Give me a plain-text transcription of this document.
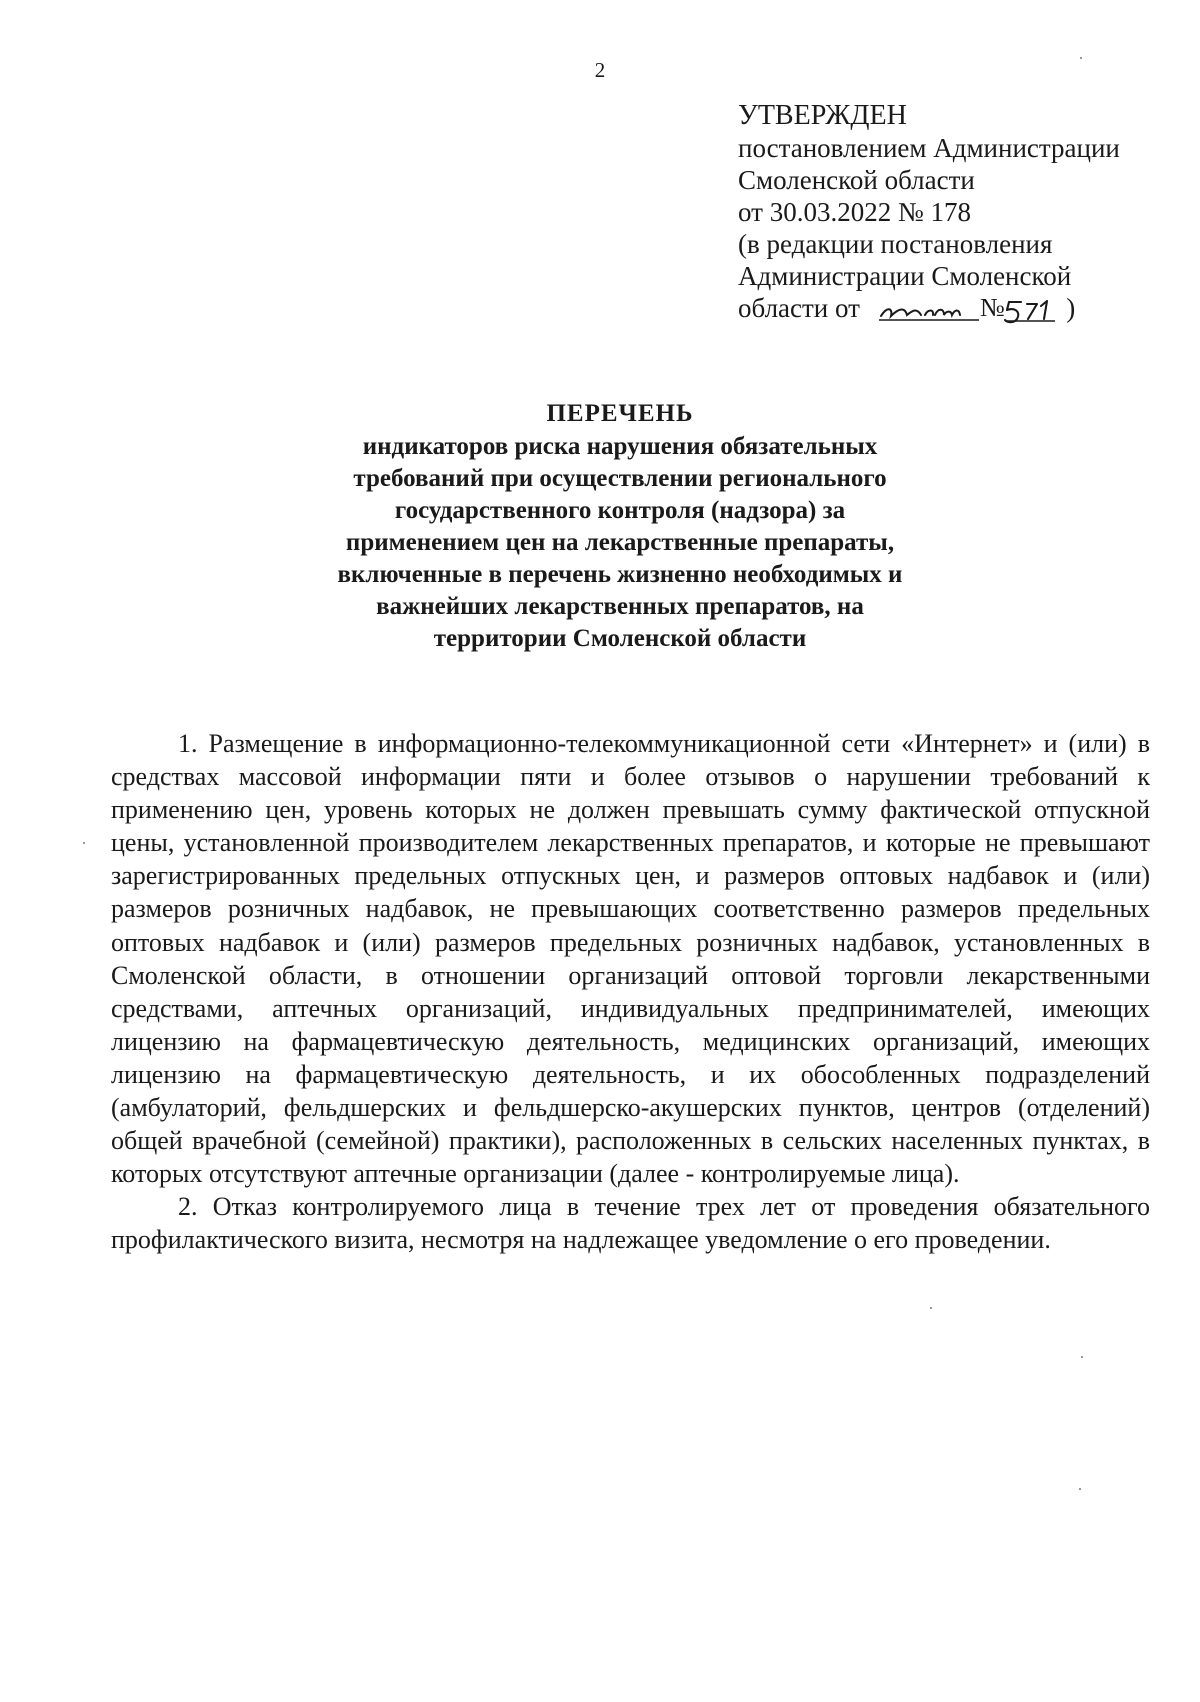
2
УТВЕРЖДЕН
постановлением Администрации
Смоленской области
от 30.03.2022 № 178
(в редакции постановления
Администрации Смоленской
области от	№ )
ПЕРЕЧЕНЬ
индикаторов риска нарушения обязательных
требований при осуществлении регионального
государственного контроля (надзора) за
применением цен на лекарственные препараты,
включенные в перечень жизненно необходимых и
важнейших лекарственных препаратов, на
территории Смоленской области

1. Размещение в информационно-телекоммуникационной сети «Интернет» и (или) в средствах массовой информации пяти и более отзывов о нарушении требований к применению цен, уровень которых не должен превышать сумму фактической отпускной цены, установленной производителем лекарственных препаратов, и которые не превышают зарегистрированных предельных отпускных цен, и размеров оптовых надбавок и (или) размеров розничных надбавок, не превышающих соответственно размеров предельных оптовых надбавок и (или) размеров предельных розничных надбавок, установленных в Смоленской области, в отношении организаций оптовой торговли лекарственными средствами, аптечных организаций, индивидуальных предпринимателей, имеющих лицензию на фармацевтическую деятельность, медицинских организаций, имеющих лицензию на фармацевтическую деятельность, и их обособленных подразделений (амбулаторий, фельдшерских и фельдшерско-акушерских пунктов, центров (отделений) общей врачебной (семейной) практики), расположенных в сельских населенных пунктах, в которых отсутствуют аптечные организации (далее - контролируемые лица).

2. Отказ контролируемого лица в течение трех лет от проведения обязательного профилактического визита, несмотря на надлежащее уведомление о его проведении.
